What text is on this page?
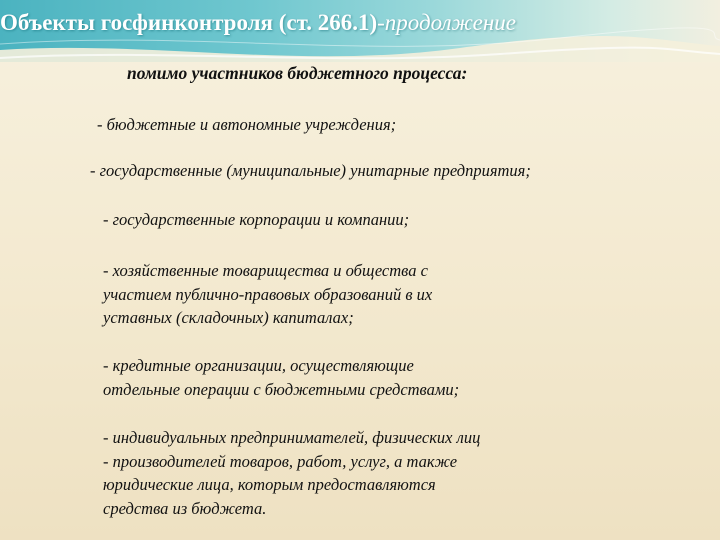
Объекты госфинконтроля (ст. 266.1)-продолжение

помимо участников бюджетного процесса:

- бюджетные и автономные учреждения;

- государственные (муниципальные) унитарные предприятия;

- государственные корпорации и компании;

- хозяйственные товарищества и общества с
участием публично-правовых образований в их
уставных (складочных) капиталах;

- кредитные организации, осуществляющие
отдельные операции с бюджетными средствами;

- индивидуальных предпринимателей, физических лиц
- производителей товаров, работ, услуг, а также
юридические лица, которым предоставляются
средства из бюджета.
